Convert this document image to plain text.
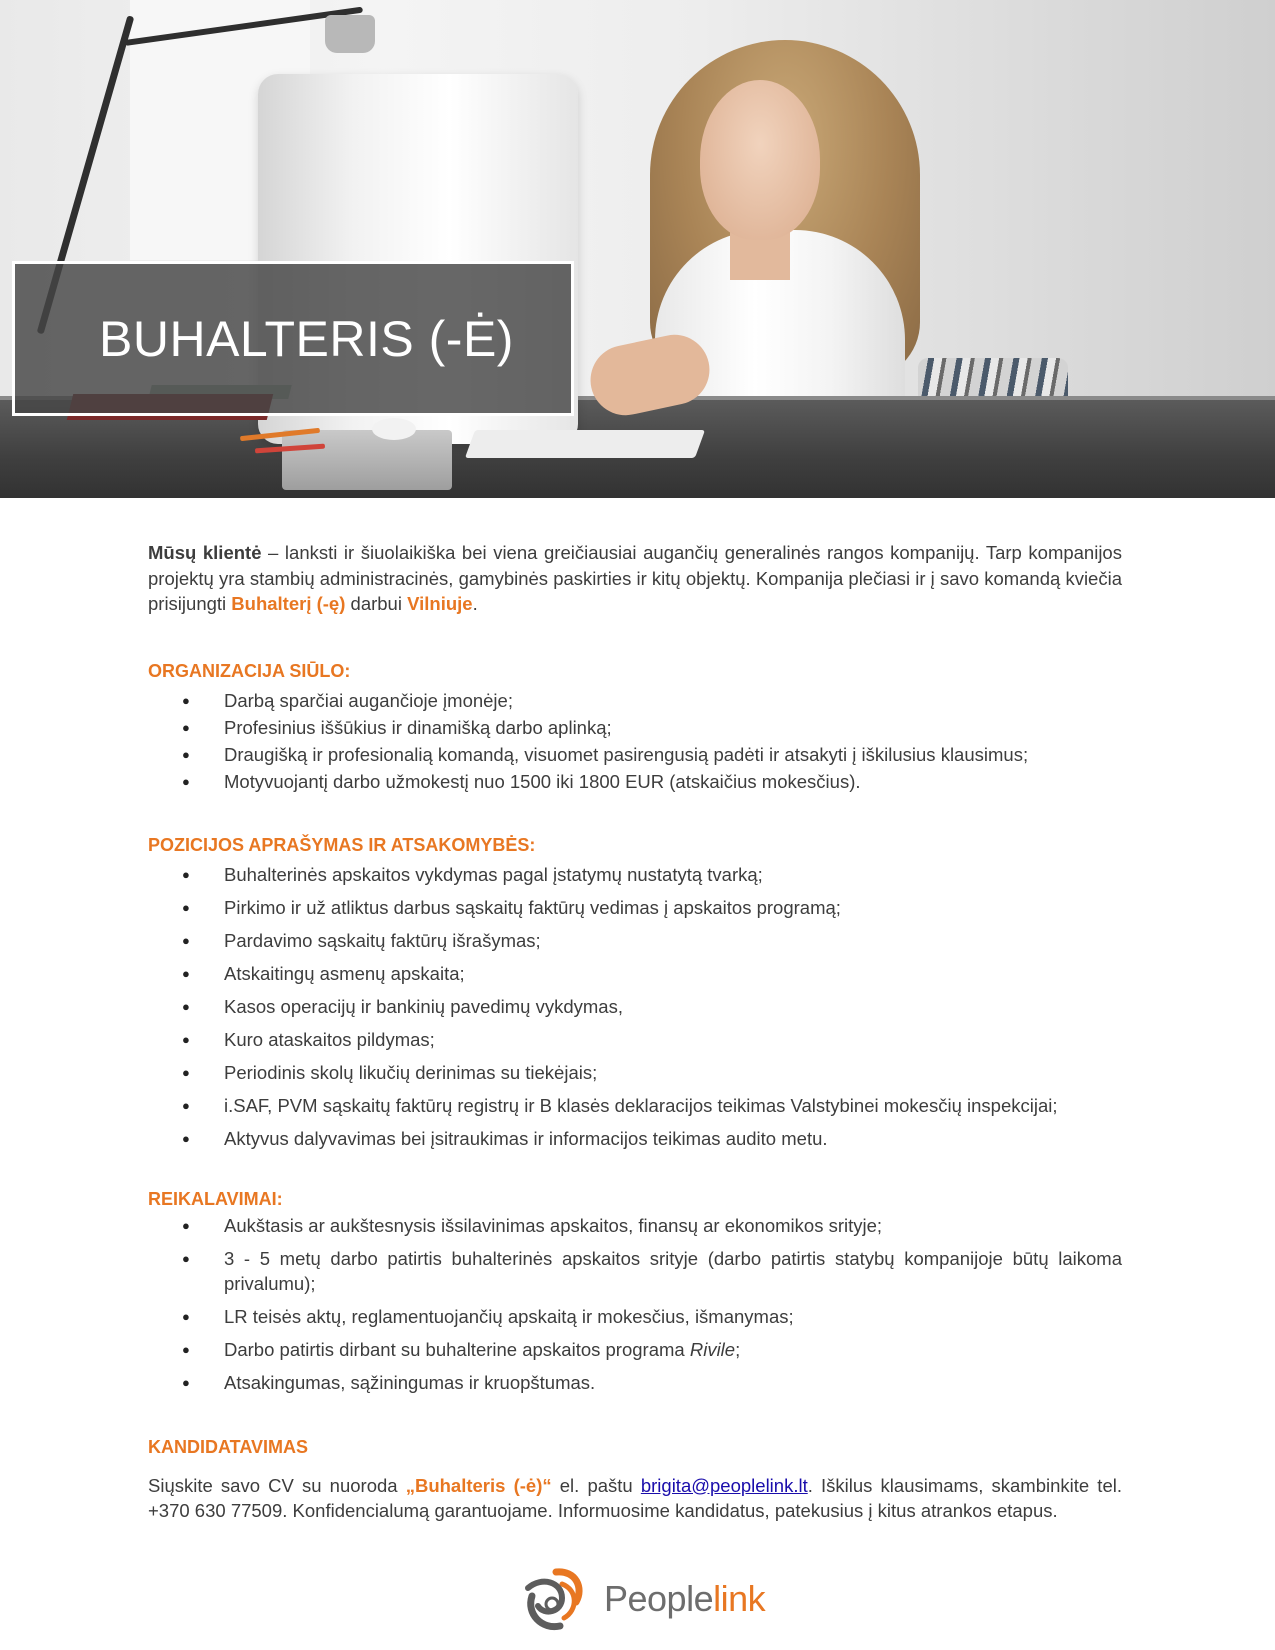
BUHALTERIS (-Ė)

Mūsų klientė – lanksti ir šiuolaikiška bei viena greičiausiai augančių generalinės rangos kompanijų. Tarp kompanijos projektų yra stambių administracinės, gamybinės paskirties ir kitų objektų. Kompanija plečiasi ir į savo komandą kviečia prisijungti Buhalterį (-ę) darbui Vilniuje.

ORGANIZACIJA SIŪLO:

● Darbą sparčiai augančioje įmonėje;
● Profesinius iššūkius ir dinamišką darbo aplinką;
● Draugišką ir profesionalią komandą, visuomet pasirengusią padėti ir atsakyti į iškilusius klausimus;
● Motyvuojantį darbo užmokestį nuo 1500 iki 1800 EUR (atskaičius mokesčius).

POZICIJOS APRAŠYMAS IR ATSAKOMYBĖS:

● Buhalterinės apskaitos vykdymas pagal įstatymų nustatytą tvarką;
● Pirkimo ir už atliktus darbus sąskaitų faktūrų vedimas į apskaitos programą;
● Pardavimo sąskaitų faktūrų išrašymas;
● Atskaitingų asmenų apskaita;
● Kasos operacijų ir bankinių pavedimų vykdymas,
● Kuro ataskaitos pildymas;
● Periodinis skolų likučių derinimas su tiekėjais;
● i.SAF, PVM sąskaitų faktūrų registrų ir B klasės deklaracijos teikimas Valstybinei mokesčių inspekcijai;
● Aktyvus dalyvavimas bei įsitraukimas ir informacijos teikimas audito metu.

REIKALAVIMAI:

● Aukštasis ar aukštesnysis išsilavinimas apskaitos, finansų ar ekonomikos srityje;
● 3 - 5 metų darbo patirtis buhalterinės apskaitos srityje (darbo patirtis statybų kompanijoje būtų laikoma privalumu);
● LR teisės aktų, reglamentuojančių apskaitą ir mokesčius, išmanymas;
● Darbo patirtis dirbant su buhalterine apskaitos programa Rivile;
● Atsakingumas, sąžiningumas ir kruopštumas.

KANDIDATAVIMAS

Siųskite savo CV su nuoroda „Buhalteris (-ė)“ el. paštu brigita@peoplelink.lt. Iškilus klausimams, skambinkite tel. +370 630 77509. Konfidencialumą garantuojame. Informuosime kandidatus, patekusius į kitus atrankos etapus.

Peoplelink
